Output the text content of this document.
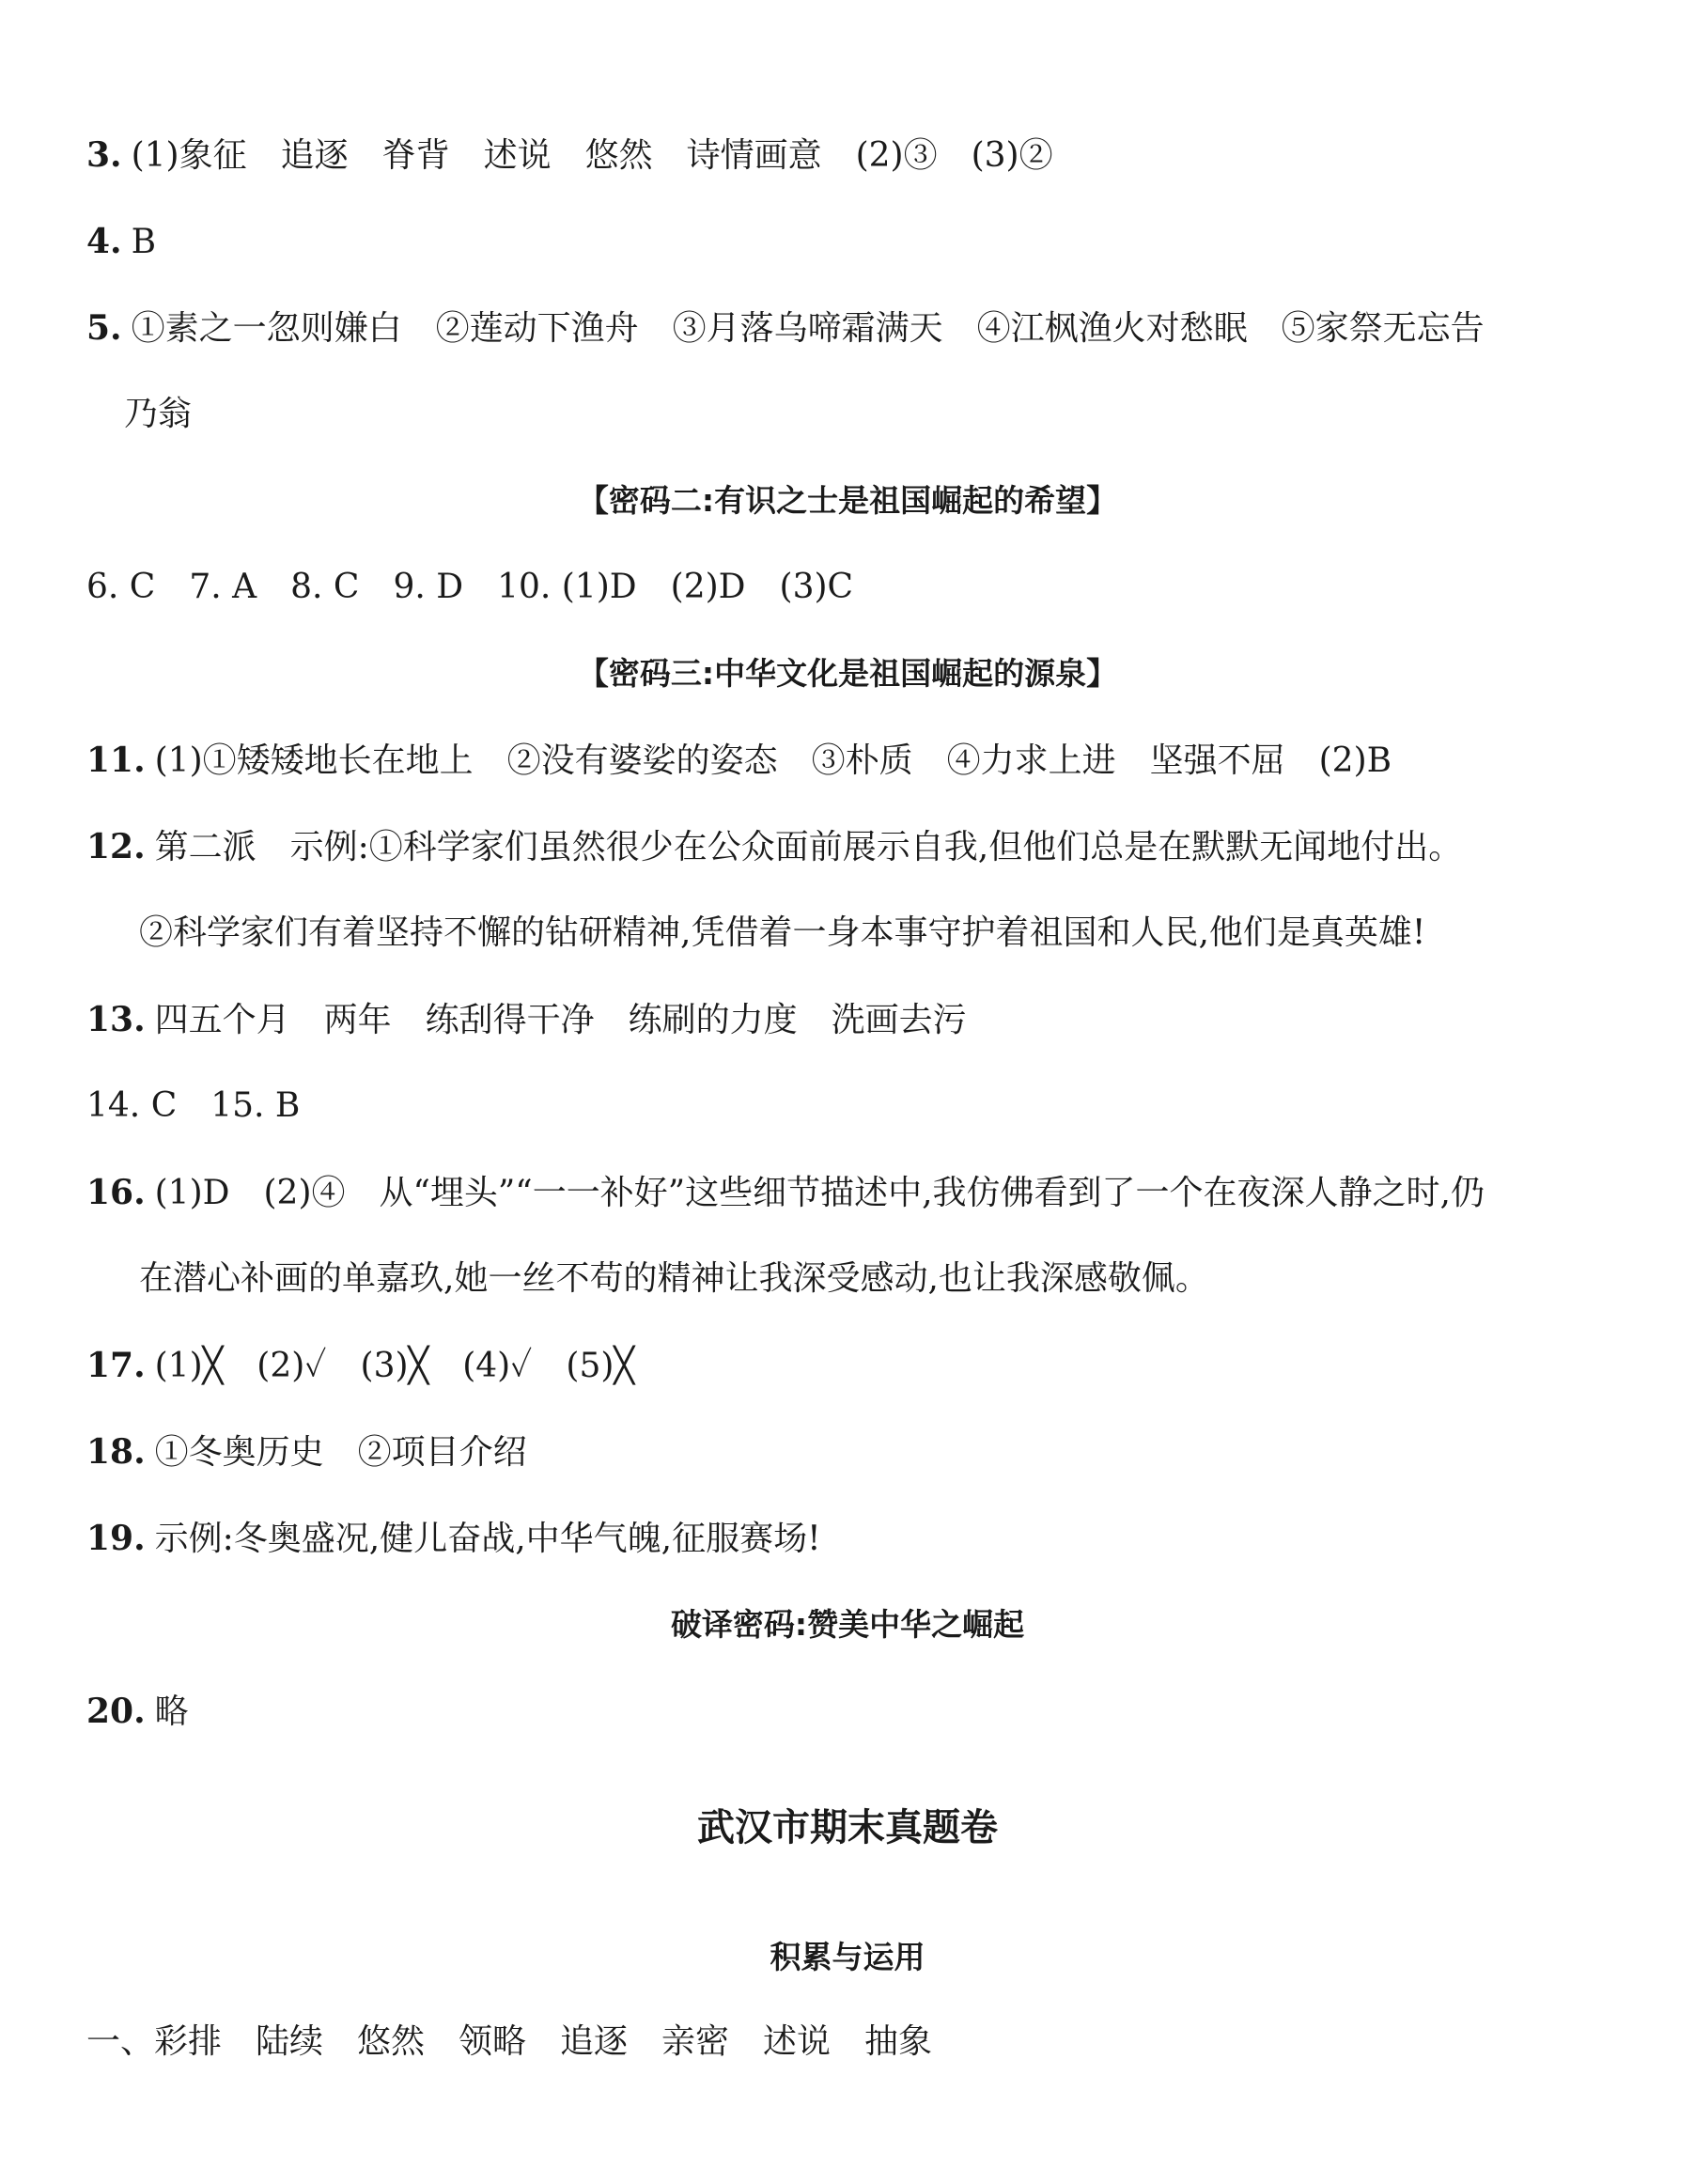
3. (1)象征　追逐　脊背　述说　悠然　诗情画意　(2)③　(3)②
4. B
5. ①素之一忽则嫌白　②莲动下渔舟　③月落乌啼霜满天　④江枫渔火对愁眠　⑤家祭无忘告
乃翁
【密码二:有识之士是祖国崛起的希望】
6. C　7. A　8. C　9. D　10. (1)D　(2)D　(3)C
【密码三:中华文化是祖国崛起的源泉】
11. (1)①矮矮地长在地上　②没有婆娑的姿态　③朴质　④力求上进　坚强不屈　(2)B
12. 第二派　示例:①科学家们虽然很少在公众面前展示自我,但他们总是在默默无闻地付出。
②科学家们有着坚持不懈的钻研精神,凭借着一身本事守护着祖国和人民,他们是真英雄!
13. 四五个月　两年　练刮得干净　练刷的力度　洗画去污
14. C　15. B
16. (1)D　(2)④　从“埋头”“一一补好”这些细节描述中,我仿佛看到了一个在夜深人静之时,仍
在潜心补画的单嘉玖,她一丝不苟的精神让我深受感动,也让我深感敬佩。
17. (1)╳　(2)✓　(3)╳　(4)✓　(5)╳
18. ①冬奥历史　②项目介绍
19. 示例:冬奥盛况,健儿奋战,中华气魄,征服赛场!
破译密码:赞美中华之崛起
20. 略
武汉市期末真题卷
积累与运用
一、彩排　陆续　悠然　领略　追逐　亲密　述说　抽象
